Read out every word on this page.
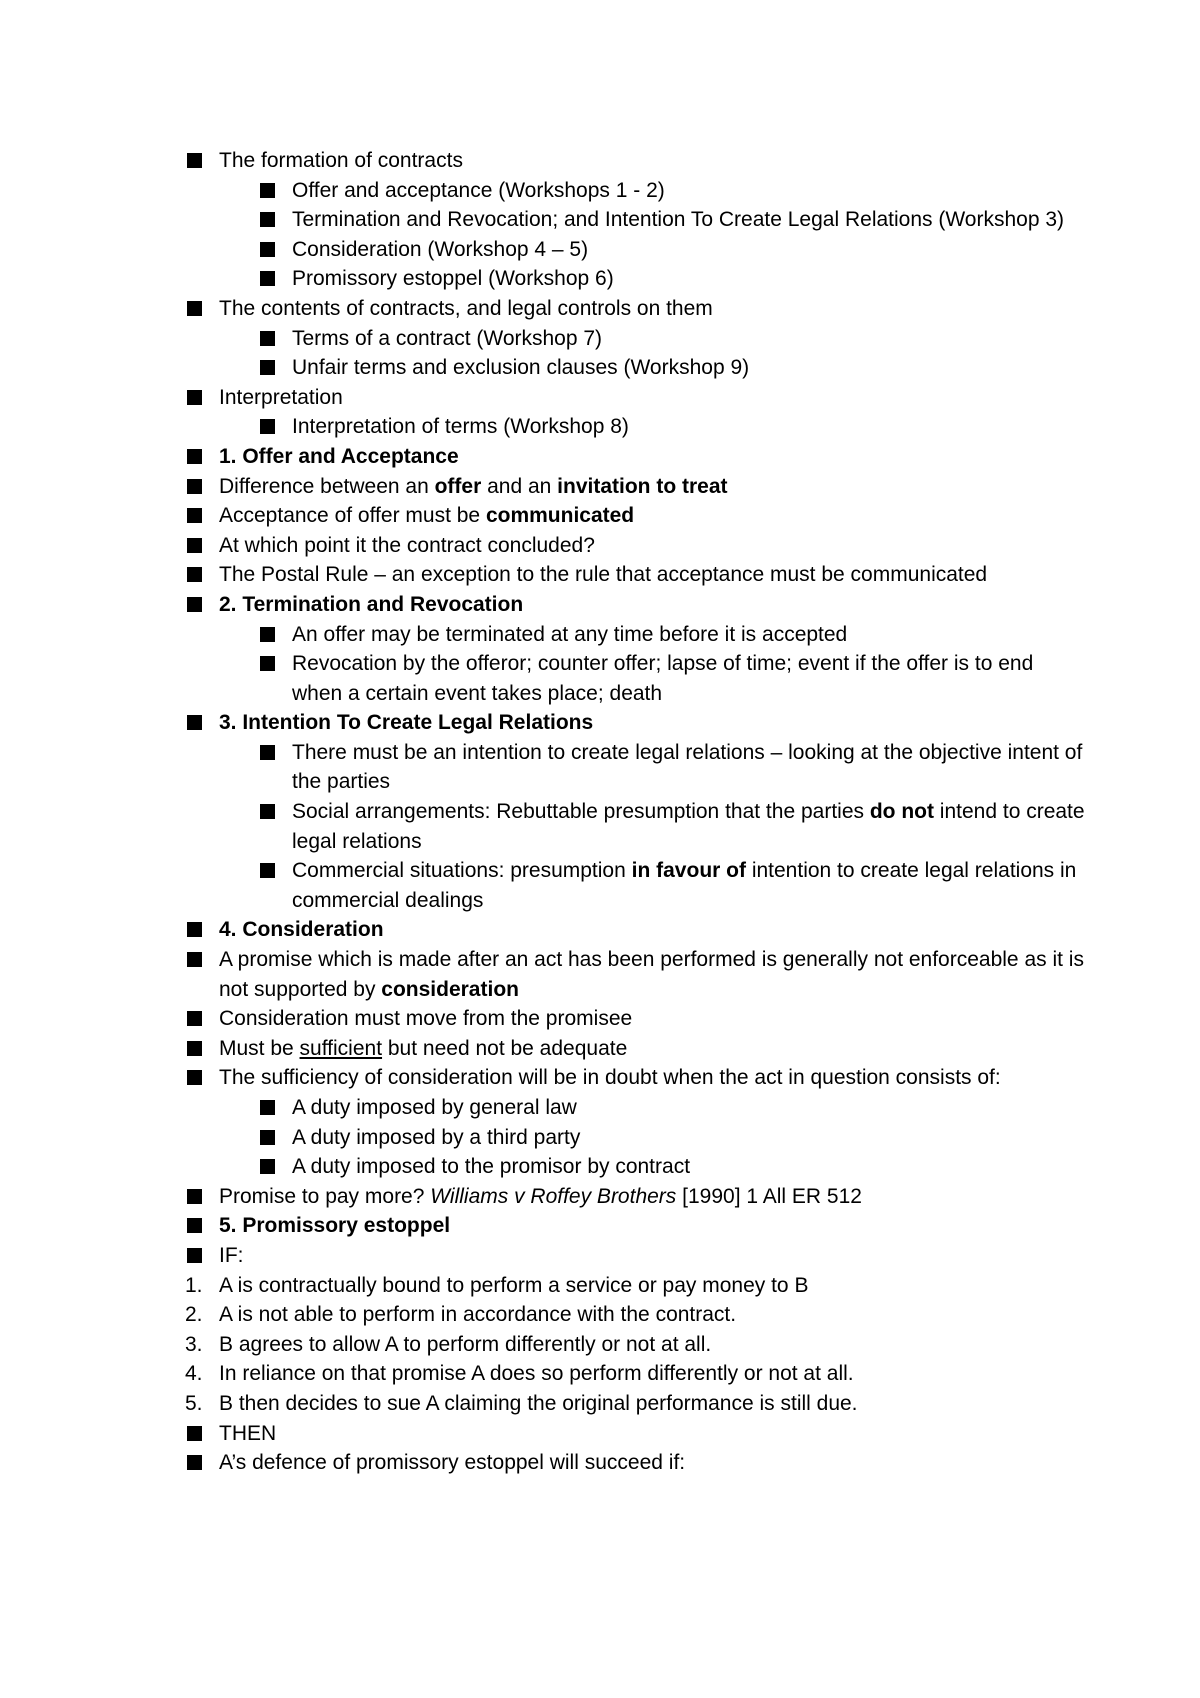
The formation of contracts
Offer and acceptance (Workshops 1 - 2)
Termination and Revocation; and Intention To Create Legal Relations (Workshop 3)
Consideration (Workshop 4 – 5)
Promissory estoppel (Workshop 6)
The contents of contracts, and legal controls on them
Terms of a contract (Workshop 7)
Unfair terms and exclusion clauses (Workshop 9)
Interpretation
Interpretation of terms (Workshop 8)
1. Offer and Acceptance
Difference between an offer and an invitation to treat
Acceptance of offer must be communicated
At which point it the contract concluded?
The Postal Rule – an exception to the rule that acceptance must be communicated
2. Termination and Revocation
An offer may be terminated at any time before it is accepted
Revocation by the offeror; counter offer; lapse of time; event if the offer is to end when a certain event takes place; death
3. Intention To Create Legal Relations
There must be an intention to create legal relations – looking at the objective intent of the parties
Social arrangements: Rebuttable presumption that the parties do not intend to create legal relations
Commercial situations: presumption in favour of intention to create legal relations in commercial dealings
4. Consideration
A promise which is made after an act has been performed is generally not enforceable as it is not supported by consideration
Consideration must move from the promisee
Must be sufficient but need not be adequate
The sufficiency of consideration will be in doubt when the act in question consists of:
A duty imposed by general law
A duty imposed by a third party
A duty imposed to the promisor by contract
Promise to pay more? Williams v Roffey Brothers [1990] 1 All ER 512
5. Promissory estoppel
IF:
1. A is contractually bound to perform a service or pay money to B
2. A is not able to perform in accordance with the contract.
3. B agrees to allow A to perform differently or not at all.
4. In reliance on that promise A does so perform differently or not at all.
5. B then decides to sue A claiming the original performance is still due.
THEN
A’s defence of promissory estoppel will succeed if:
